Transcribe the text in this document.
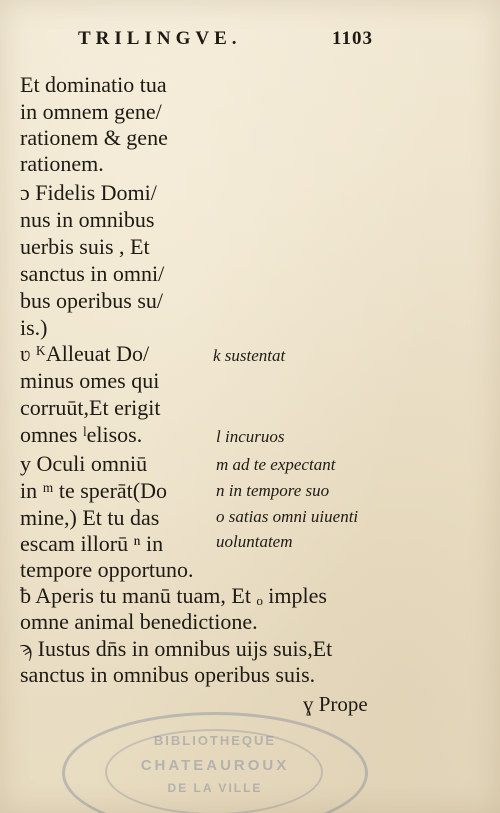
TRILINGVE.	1103
Et dominatio tua
in omnem gene/
rationem & gene
rationem.
ɔ Fidelis Domi/
nus in omnibus
uerbis suis , Et
sanctus in omni/
bus operibus su/
is.)
ʋ ᴷAlleuat Do/
minus omes qui
corruūt,Et erigit
omnes ˡelisos.
y Oculi omniū
in ᵐ te sperāt(Do
mine,) Et tu das
escam illorū ⁿ in
tempore opportuno.
ƀ Aperis tu manū tuam, Et ₒ imples
omne animal benedictione.
ϡ Iustus dn̄s in omnibus uijs suis,Et
sanctus in omnibus operibus suis.
k sustentat
l incuruos
m ad te expectant
n in tempore suo
o satias omni uiuenti
uoluntatem
ɣ Prope
BIBLIOTHEQUE
CHATEAUROUX
DE LA VILLE
